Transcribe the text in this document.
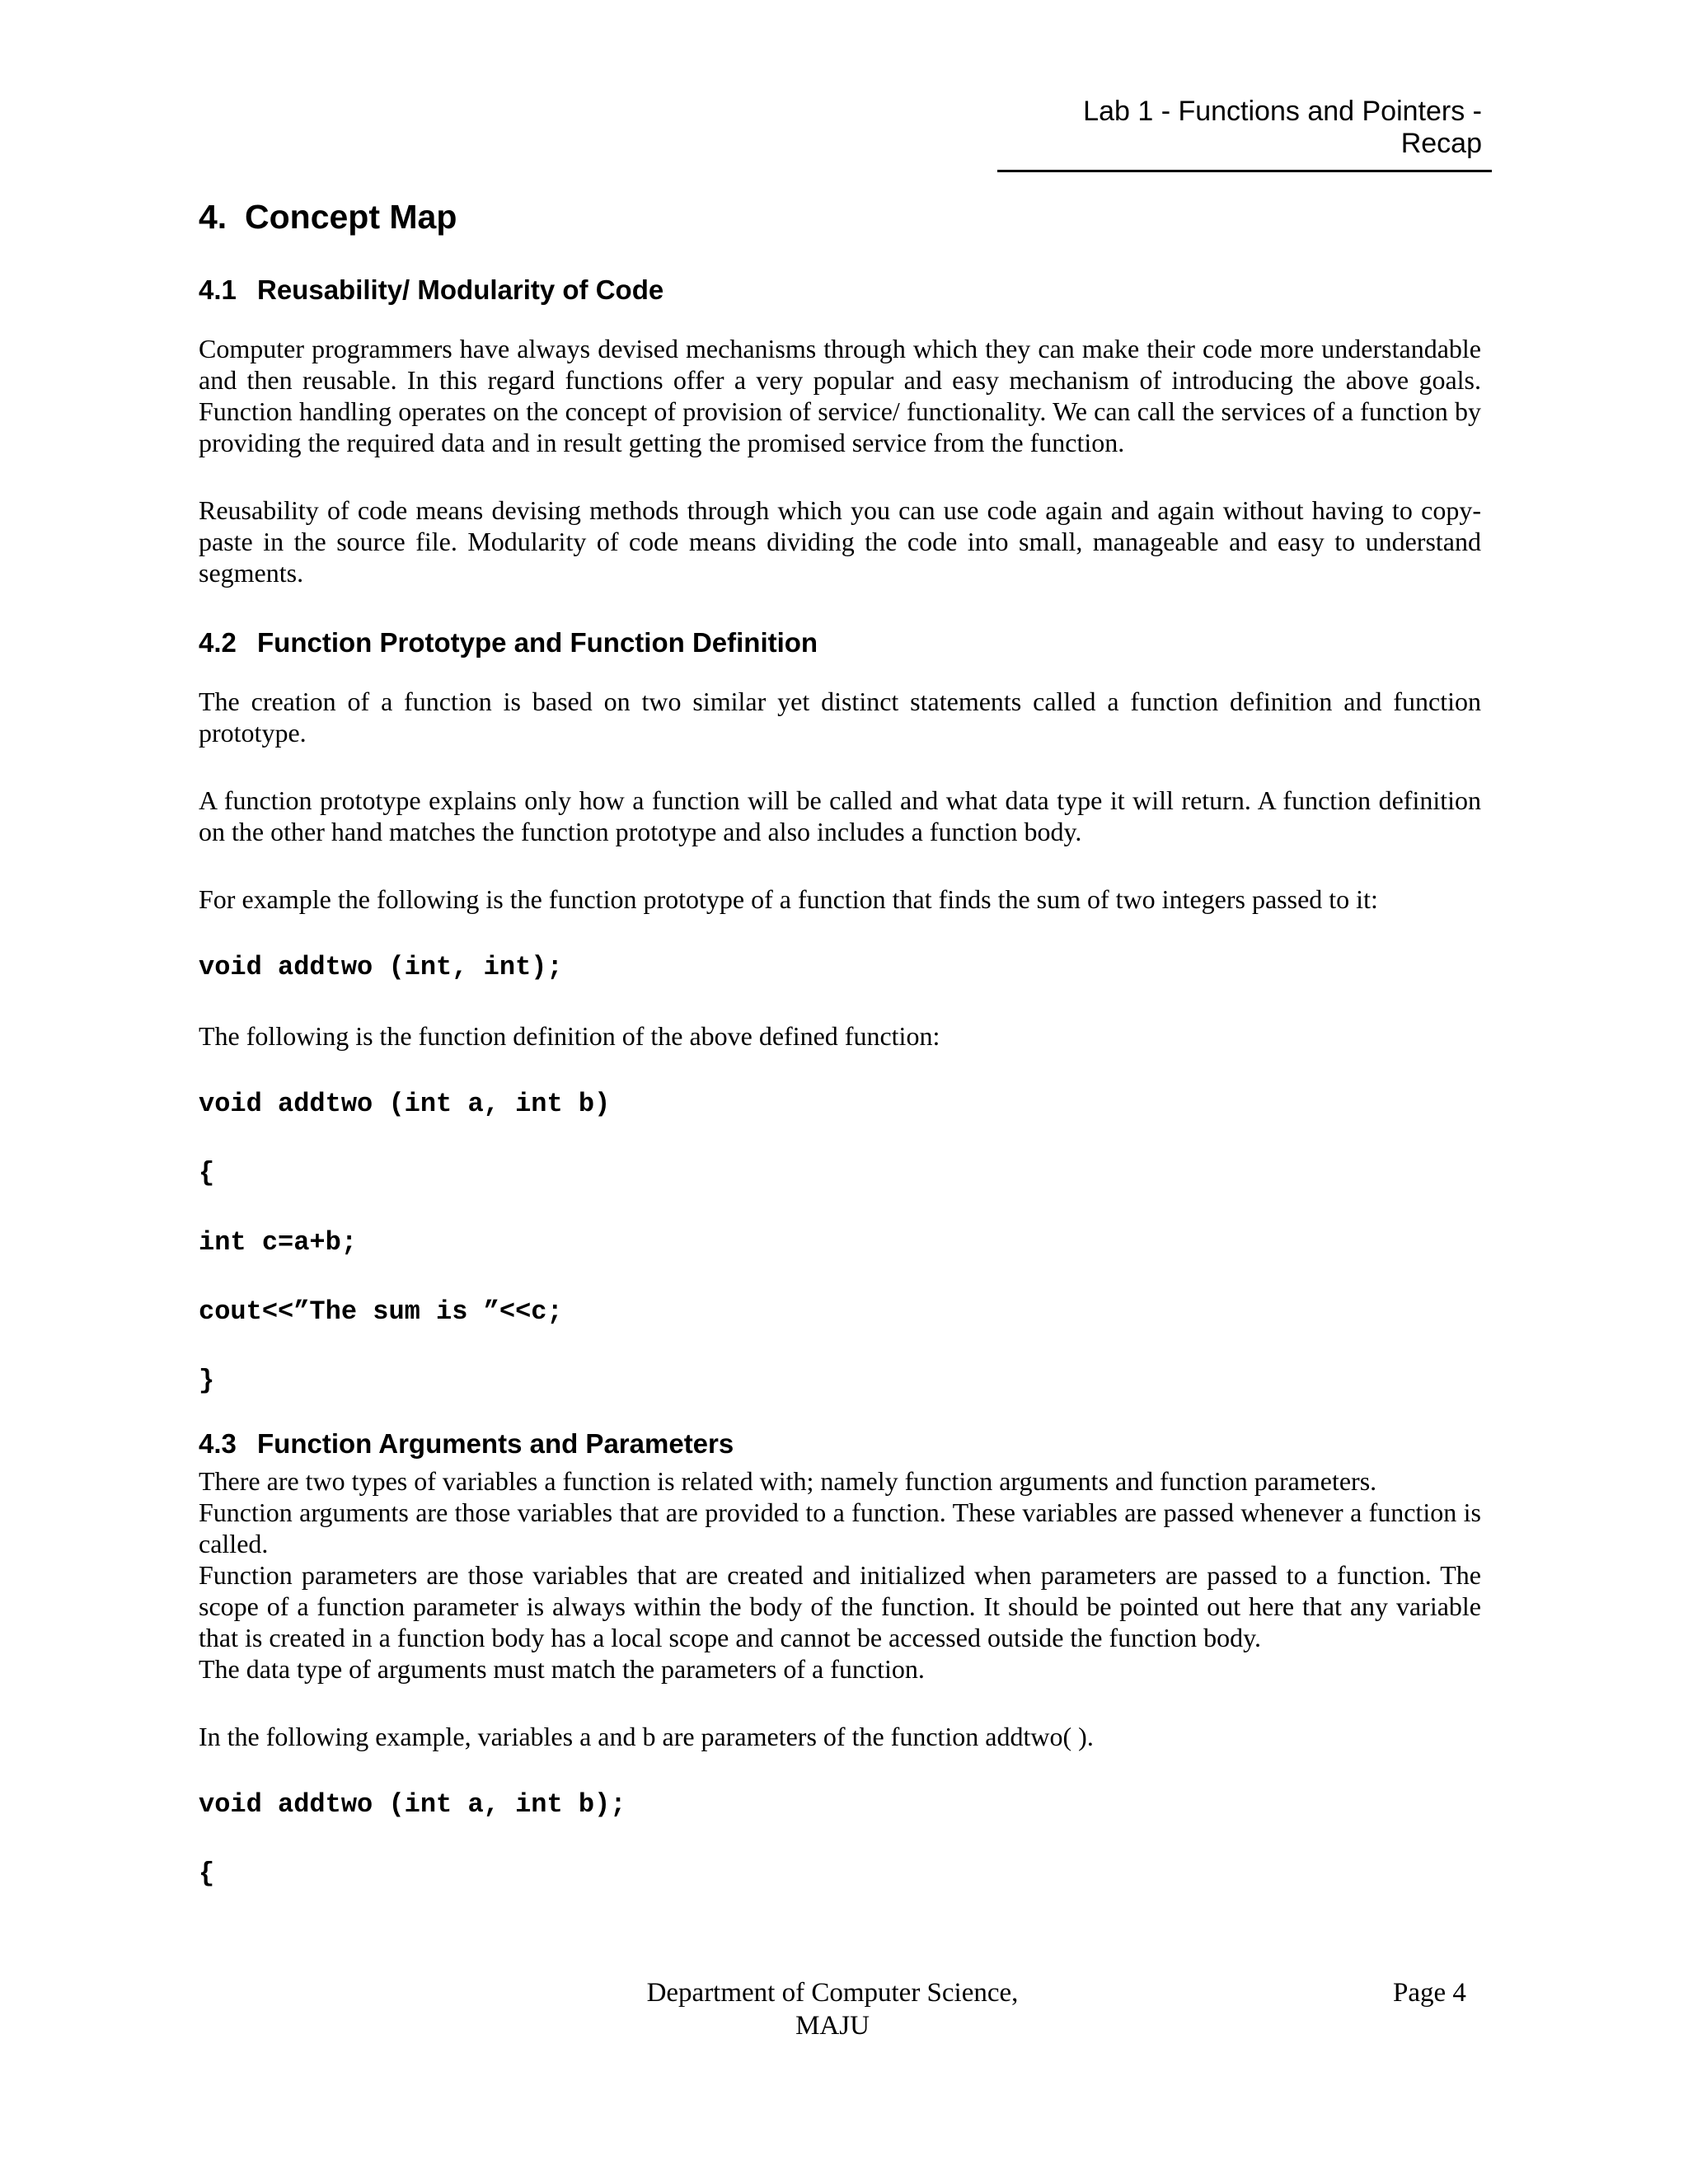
Lab 1 - Functions and Pointers - Recap
4. Concept Map
4.1 Reusability/ Modularity of Code

Computer programmers have always devised mechanisms through which they can make their code more understandable and then reusable. In this regard functions offer a very popular and easy mechanism of introducing the above goals. Function handling operates on the concept of provision of service/ functionality. We can call the services of a function by providing the required data and in result getting the promised service from the function.

Reusability of code means devising methods through which you can use code again and again without having to copy-paste in the source file. Modularity of code means dividing the code into small, manageable and easy to understand segments.

4.2 Function Prototype and Function Definition

The creation of a function is based on two similar yet distinct statements called a function definition and function prototype.

A function prototype explains only how a function will be called and what data type it will return. A function definition on the other hand matches the function prototype and also includes a function body.

For example the following is the function prototype of a function that finds the sum of two integers passed to it:

void addtwo (int, int);

The following is the function definition of the above defined function:

void addtwo (int a, int b)
{
int c=a+b;
cout<<”The sum is ”<<c;
}
4.3 Function Arguments and Parameters

There are two types of variables a function is related with; namely function arguments and function parameters.

Function arguments are those variables that are provided to a function. These variables are passed whenever a function is called.

Function parameters are those variables that are created and initialized when parameters are passed to a function. The scope of a function parameter is always within the body of the function. It should be pointed out here that any variable that is created in a function body has a local scope and cannot be accessed outside the function body.

The data type of arguments must match the parameters of a function.

In the following example, variables a and b are parameters of the function addtwo( ).

void addtwo (int a, int b);
{
Department of Computer Science,
MAJU
Page 4
